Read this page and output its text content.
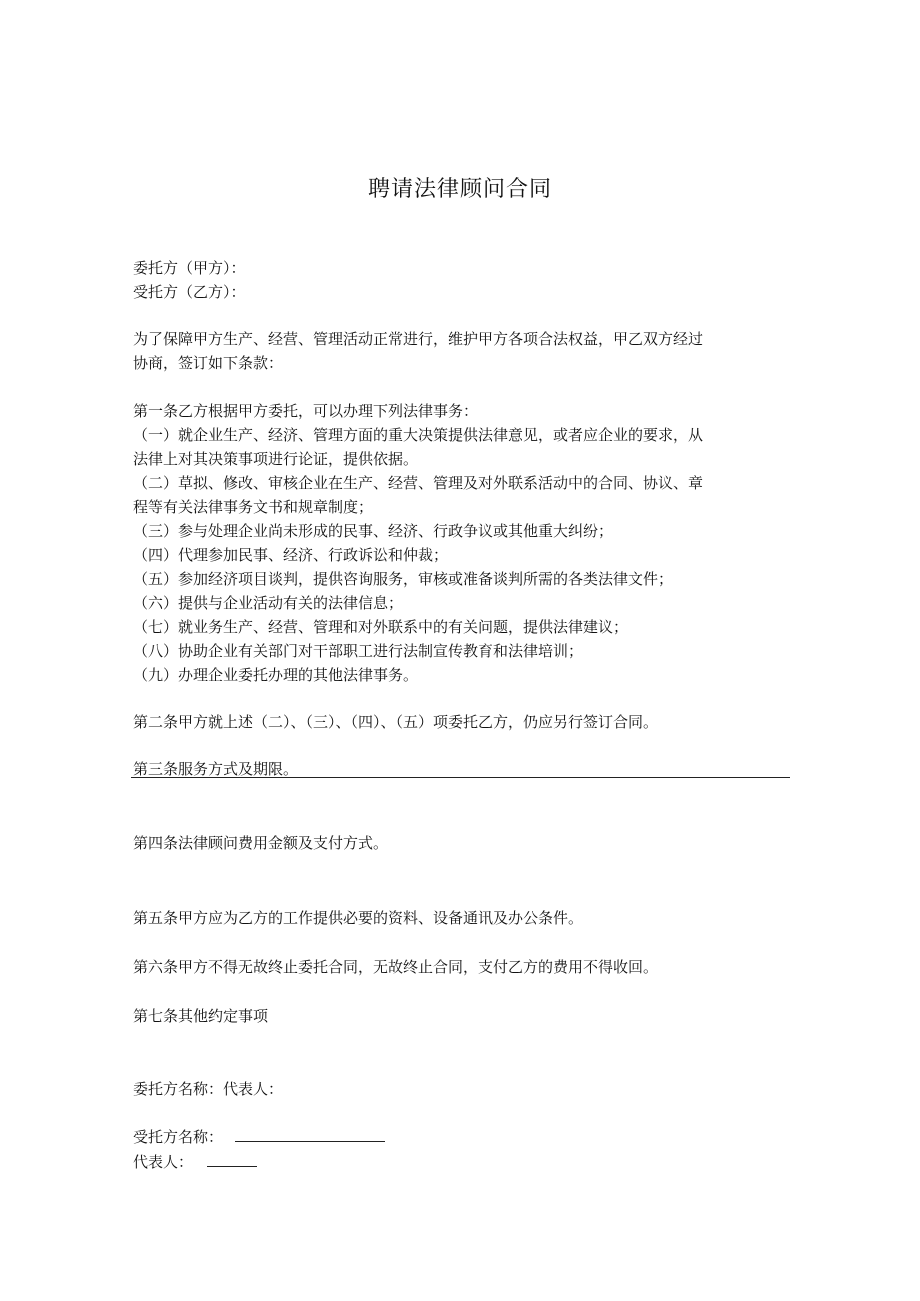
聘请法律顾问合同
委托方（甲方）：
受托方（乙方）：
为了保障甲方生产、经营、管理活动正常进行，维护甲方各项合法权益，甲乙双方经过
协商，签订如下条款：
第一条乙方根据甲方委托，可以办理下列法律事务：
（一）就企业生产、经济、管理方面的重大决策提供法律意见，或者应企业的要求，从
法律上对其决策事项进行论证，提供依据。
（二）草拟、修改、审核企业在生产、经营、管理及对外联系活动中的合同、协议、章
程等有关法律事务文书和规章制度；
（三）参与处理企业尚未形成的民事、经济、行政争议或其他重大纠纷；
（四）代理参加民事、经济、行政诉讼和仲裁；
（五）参加经济项目谈判，提供咨询服务，审核或准备谈判所需的各类法律文件；
（六）提供与企业活动有关的法律信息；
（七）就业务生产、经营、管理和对外联系中的有关问题，提供法律建议；
（八）协助企业有关部门对干部职工进行法制宣传教育和法律培训；
（九）办理企业委托办理的其他法律事务。
第二条甲方就上述（二）、（三）、（四）、（五）项委托乙方，仍应另行签订合同。
第三条服务方式及期限。
第四条法律顾问费用金额及支付方式。
第五条甲方应为乙方的工作提供必要的资料、设备通讯及办公条件。
第六条甲方不得无故终止委托合同，无故终止合同，支付乙方的费用不得收回。
第七条其他约定事项
委托方名称：代表人：
受托方名称：
代表人：
